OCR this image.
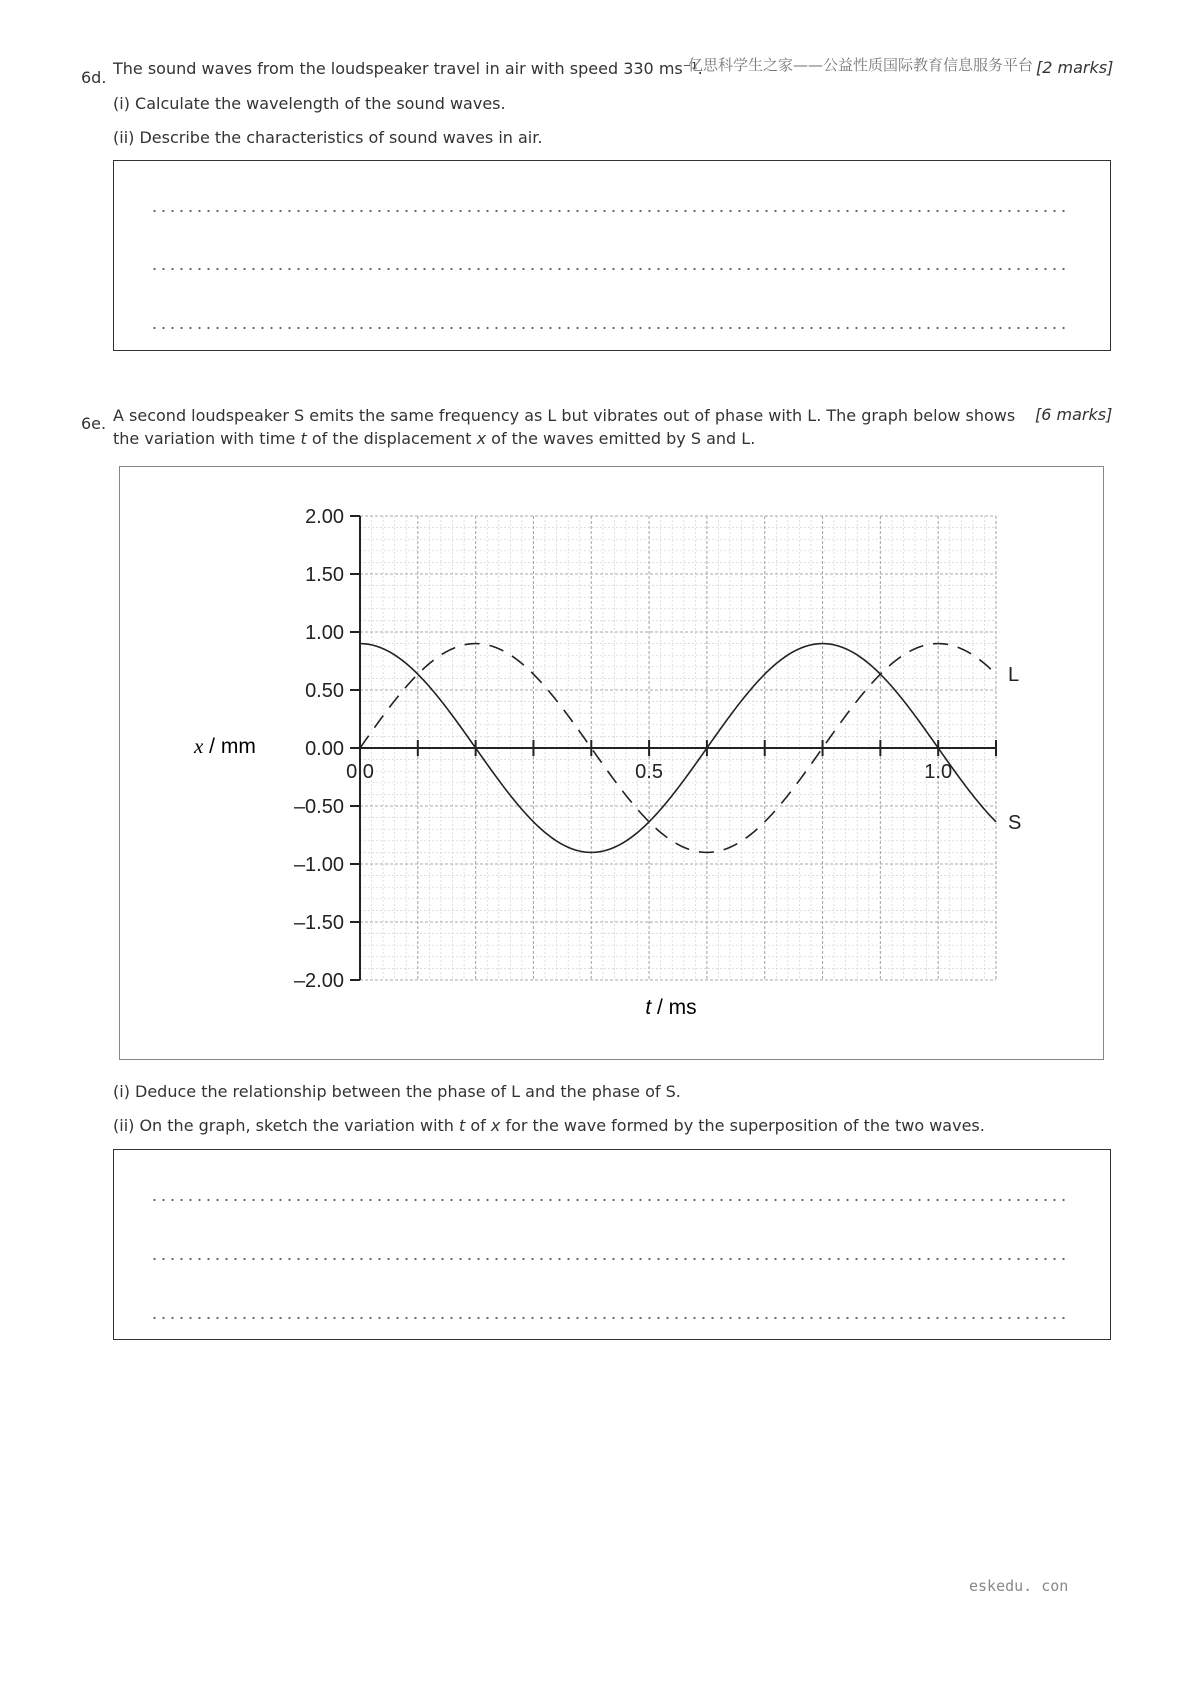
亿思科学生之家——公益性质国际教育信息服务平台
6d. The sound waves from the loudspeaker travel in air with speed 330 ms⁻¹.	[2 marks]
(i) Calculate the wavelength of the sound waves.
(ii) Describe the characteristics of sound waves in air.
6e. A second loudspeaker S emits the same frequency as L but vibrates out of phase with L. The graph below shows [6 marks]
the variation with time t of the displacement x of the waves emitted by S and L.
2.00
1.50
1.00
0.50
0.00
–0.50
–1.00
–1.50
–2.00
0.0	0.5	1.0
S
L
x / mm
t / ms
(i) Deduce the relationship between the phase of L and the phase of S.
(ii) On the graph, sketch the variation with t of x for the wave formed by the superposition of the two waves.
eskedu. con
